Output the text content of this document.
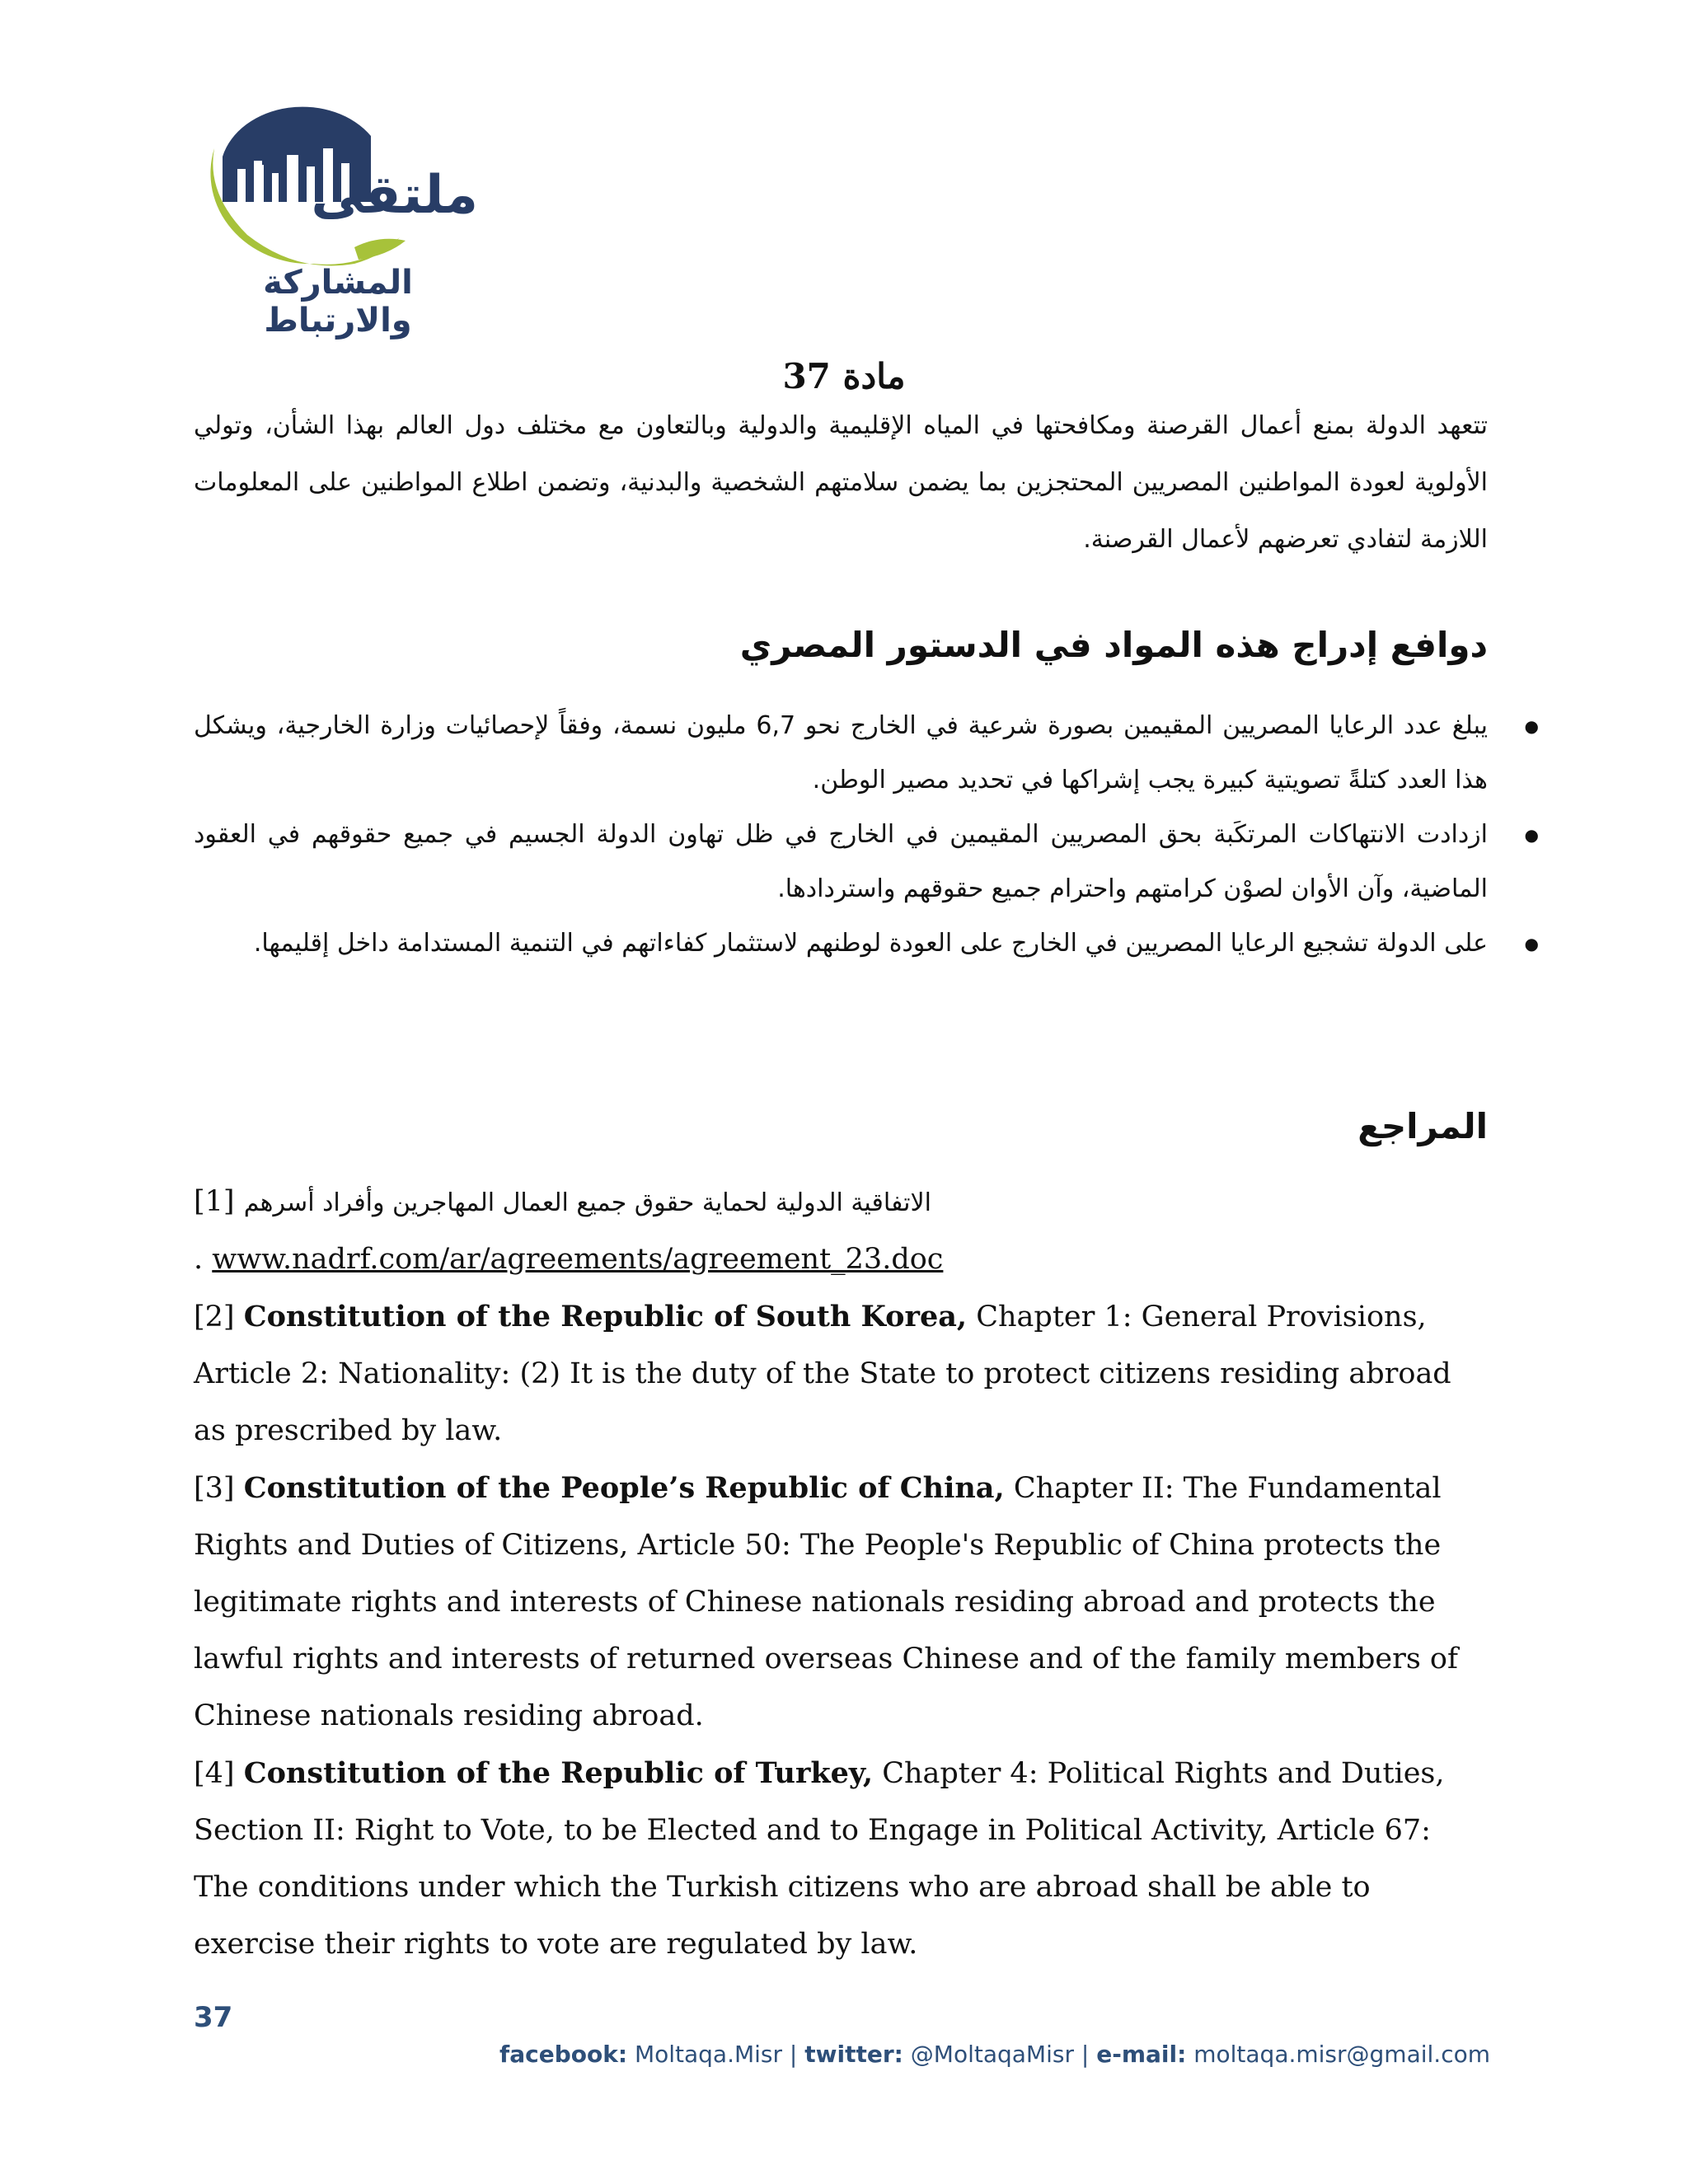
ملتقى
المشاركة والارتباط
مادة 37
تتعهد الدولة بمنع أعمال القرصنة ومكافحتها في المياه الإقليمية والدولية وبالتعاون مع مختلف دول العالم بهذا الشأن، وتولي الأولوية لعودة المواطنين المصريين المحتجزين بما يضمن سلامتهم الشخصية والبدنية، وتضمن اطلاع المواطنين على المعلومات اللازمة لتفادي تعرضهم لأعمال القرصنة.
دوافع إدراج هذه المواد في الدستور المصري
● يبلغ عدد الرعايا المصريين المقيمين بصورة شرعية في الخارج نحو 6,7 مليون نسمة، وفقاً لإحصائيات وزارة الخارجية، ويشكل هذا العدد كتلةً تصويتية كبيرة يجب إشراكها في تحديد مصير الوطن.
● ازدادت الانتهاكات المرتكَبة بحق المصريين المقيمين في الخارج في ظل تهاون الدولة الجسيم في جميع حقوقهم في العقود الماضية، وآن الأوان لصوْن كرامتهم واحترام جميع حقوقهم واستردادها.
● على الدولة تشجيع الرعايا المصريين في الخارج على العودة لوطنهم لاستثمار كفاءاتهم في التنمية المستدامة داخل إقليمها.
المراجع

[1] الاتفاقية الدولية لحماية حقوق جميع العمال المهاجرين وأفراد أسرهم

. www.nadrf.com/ar/agreements/agreement_23.doc

[2] Constitution of the Republic of South Korea, Chapter 1: General Provisions, Article 2: Nationality: (2) It is the duty of the State to protect citizens residing abroad as prescribed by law.

[3] Constitution of the People’s Republic of China, Chapter II: The Fundamental Rights and Duties of Citizens, Article 50: The People's Republic of China protects the legitimate rights and interests of Chinese nationals residing abroad and protects the lawful rights and interests of returned overseas Chinese and of the family members of Chinese nationals residing abroad.

[4] Constitution of the Republic of Turkey, Chapter 4: Political Rights and Duties, Section II: Right to Vote, to be Elected and to Engage in Political Activity, Article 67: The conditions under which the Turkish citizens who are abroad shall be able to exercise their rights to vote are regulated by law.

37
facebook: Moltaqa.Misr | twitter: @MoltaqaMisr | e-mail: moltaqa.misr@gmail.com
